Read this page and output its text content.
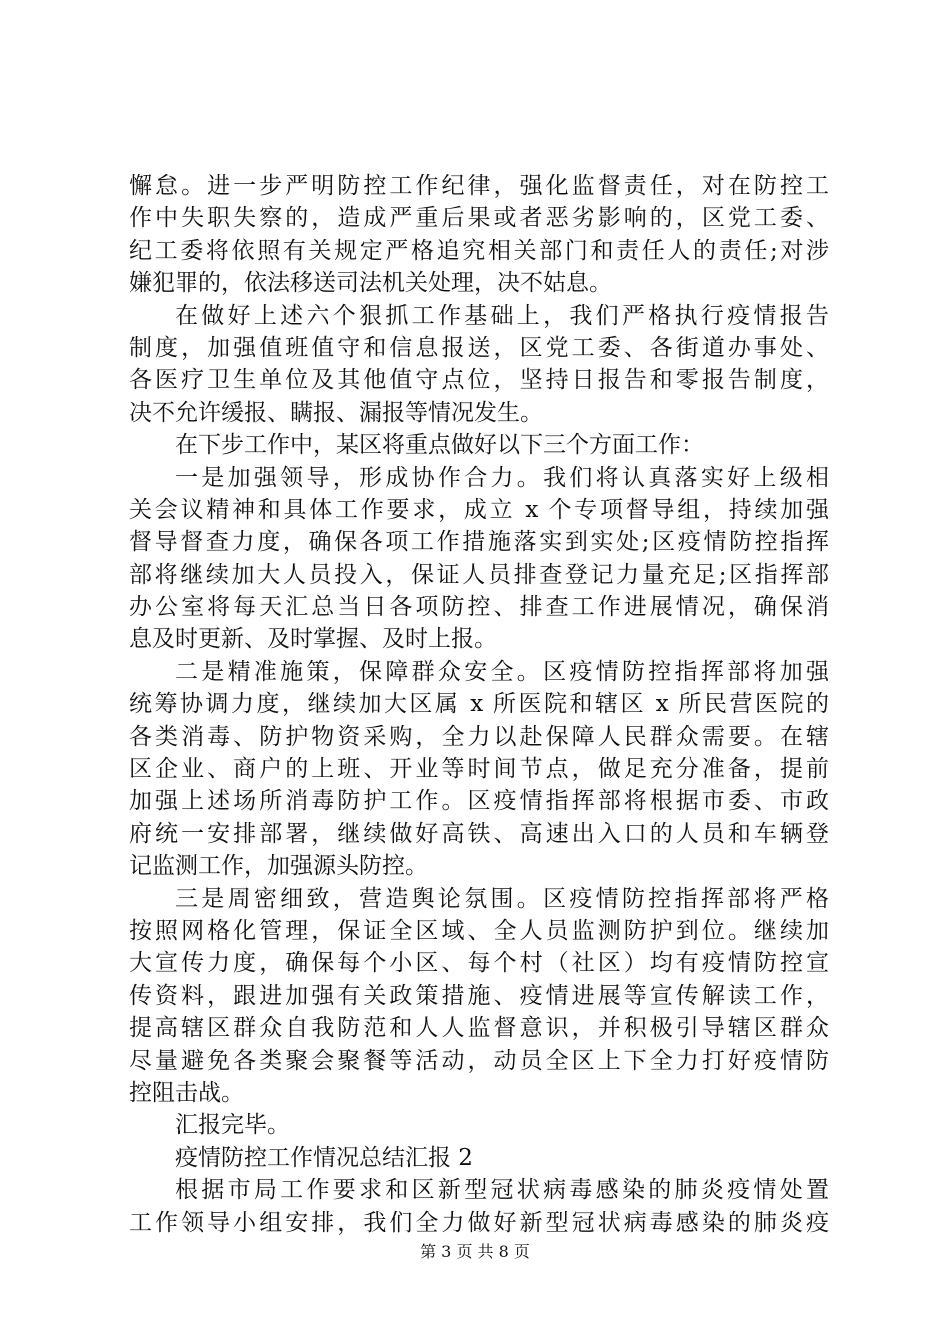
懈怠。进一步严明防控工作纪律，强化监督责任，对在防控工
作中失职失察的，造成严重后果或者恶劣影响的，区党工委、
纪工委将依照有关规定严格追究相关部门和责任人的责任;对涉
嫌犯罪的，依法移送司法机关处理，决不姑息。
在做好上述六个狠抓工作基础上，我们严格执行疫情报告
制度，加强值班值守和信息报送，区党工委、各街道办事处、
各医疗卫生单位及其他值守点位，坚持日报告和零报告制度，
决不允许缓报、瞒报、漏报等情况发生。
在下步工作中，某区将重点做好以下三个方面工作：
一是加强领导，形成协作合力。我们将认真落实好上级相
关会议精神和具体工作要求，成立 x 个专项督导组，持续加强
督导督查力度，确保各项工作措施落实到实处;区疫情防控指挥
部将继续加大人员投入，保证人员排查登记力量充足;区指挥部
办公室将每天汇总当日各项防控、排查工作进展情况，确保消
息及时更新、及时掌握、及时上报。
二是精准施策，保障群众安全。区疫情防控指挥部将加强
统筹协调力度，继续加大区属 x 所医院和辖区 x 所民营医院的
各类消毒、防护物资采购，全力以赴保障人民群众需要。在辖
区企业、商户的上班、开业等时间节点，做足充分准备，提前
加强上述场所消毒防护工作。区疫情指挥部将根据市委、市政
府统一安排部署，继续做好高铁、高速出入口的人员和车辆登
记监测工作，加强源头防控。
三是周密细致，营造舆论氛围。区疫情防控指挥部将严格
按照网格化管理，保证全区域、全人员监测防护到位。继续加
大宣传力度，确保每个小区、每个村（社区）均有疫情防控宣
传资料，跟进加强有关政策措施、疫情进展等宣传解读工作，
提高辖区群众自我防范和人人监督意识，并积极引导辖区群众
尽量避免各类聚会聚餐等活动，动员全区上下全力打好疫情防
控阻击战。
汇报完毕。
疫情防控工作情况总结汇报 2
根据市局工作要求和区新型冠状病毒感染的肺炎疫情处置
工作领导小组安排，我们全力做好新型冠状病毒感染的肺炎疫
第 3 页 共 8 页
